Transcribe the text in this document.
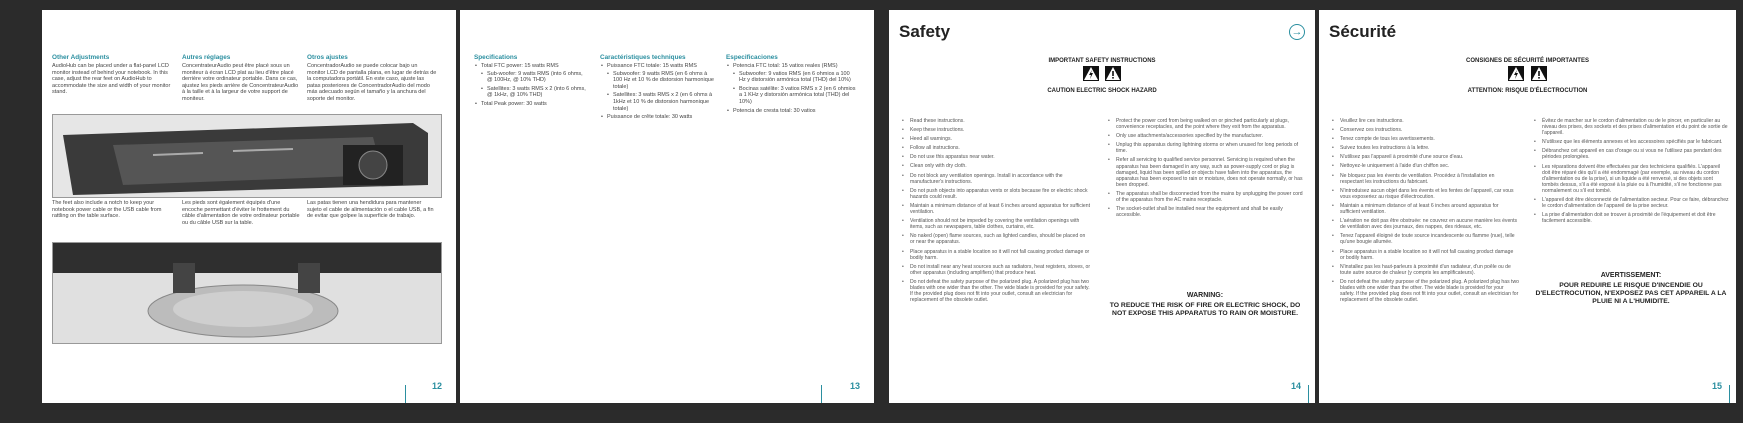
Other Adjustments

AudioHub can be placed under a flat-panel LCD monitor instead of behind your notebook. In this case, adjust the rear feet on AudioHub to accommodate the size and width of your monitor stand.

Autres réglages

ConcentrateurAudio peut être placé sous un moniteur à écran LCD plat au lieu d'être placé derrière votre ordinateur portable. Dans ce cas, ajustez les pieds arrière de ConcentrateurAudio à la taille et à la largeur de votre support de moniteur.

Otros ajustes

ConcentradorAudio se puede colocar bajo un monitor LCD de pantalla plana, en lugar de detrás de la computadora portátil. En este caso, ajuste las patas posteriores de ConcentradorAudio del modo más adecuado según el tamaño y la anchura del soporte del monitor.

The feet also include a notch to keep your notebook power cable or the USB cable from rattling on the table surface.

Les pieds sont également équipés d'une encoche permettant d'éviter le frottement du câble d'alimentation de votre ordinateur portable ou du câble USB sur la table.

Las patas tienen una hendidura para mantener sujeto el cable de alimentación o el cable USB, a fin de evitar que golpee la superficie de trabajo.

12
Specifications
• Total FTC power: 15 watts RMS
• Sub-woofer: 9 watts RMS (into 6 ohms, @ 100Hz, @ 10% THD)
• Satellites: 3 watts RMS x 2 (into 6 ohms, @ 1kHz, @ 10% THD)
• Total Peak power: 30 watts
Caractéristiques techniques
• Puissance FTC totale: 15 watts RMS
• Subwoofer: 9 watts RMS (en 6 ohms à 100 Hz et 10 % de distorsion harmonique totale)
• Satellites: 3 watts RMS x 2 (en 6 ohms à 1kHz et 10 % de distorsion harmonique totale)
• Puissance de crête totale: 30 watts
Especificaciones
• Potencia FTC total: 15 vatios reales (RMS)
• Subwoofer: 9 vatios RMS (en 6 ohmios a 100 Hz y distorsión armónica total (THD) del 10%)
• Bocinas satélite: 3 vatios RMS x 2 (en 6 ohmios a 1 KHz y distorsión armónica total (THD) del 10%)
• Potencia de cresta total: 30 vatios
13
Safety	→
IMPORTANT SAFETY INSTRUCTIONS

CAUTION ELECTRIC SHOCK HAZARD
• Read these instructions.
• Keep these instructions.
• Heed all warnings.
• Follow all instructions.
• Do not use this apparatus near water.
• Clean only with dry cloth.
• Do not block any ventilation openings. Install in accordance with the manufacturer's instructions.
• Do not push objects into apparatus vents or slots because fire or electric shock hazards could result.
• Maintain a minimum distance of at least 6 inches around apparatus for sufficient ventilation.
• Ventilation should not be impeded by covering the ventilation openings with items, such as newspapers, table clothes, curtains, etc.
• No naked (open) flame sources, such as lighted candles, should be placed on or near the apparatus.
• Place apparatus in a stable location so it will not fall causing product damage or bodily harm.
• Do not install near any heat sources such as radiators, heat registers, stoves, or other apparatus (including amplifiers) that produce heat.
• Do not defeat the safety purpose of the polarized plug. A polarized plug has two blades with one wider than the other. The wide blade is provided for your safety. If the provided plug does not fit into your outlet, consult an electrician for replacement of the obsolete outlet.
• Protect the power cord from being walked on or pinched particularly at plugs, convenience receptacles, and the point where they exit from the apparatus.
• Only use attachments/accessories specified by the manufacturer.
• Unplug this apparatus during lightning storms or when unused for long periods of time.
• Refer all servicing to qualified service personnel. Servicing is required when the apparatus has been damaged in any way, such as power-supply cord or plug is damaged, liquid has been spilled or objects have fallen into the apparatus, the apparatus has been exposed to rain or moisture, does not operate normally, or has been dropped.
• The apparatus shall be disconnected from the mains by unplugging the power cord of the apparatus from the AC mains receptacle.
• The socket-outlet shall be installed near the equipment and shall be easily accessible.
WARNING:
TO REDUCE THE RISK OF FIRE OR ELECTRIC SHOCK, DO NOT EXPOSE THIS APPARATUS TO RAIN OR MOISTURE.
14
Sécurité
CONSIGNES DE SÉCURITÉ IMPORTANTES

ATTENTION: RISQUE D'ÉLECTROCUTION
• Veuillez lire ces instructions.
• Conservez ces instructions.
• Tenez compte de tous les avertissements.
• Suivez toutes les instructions à la lettre.
• N'utilisez pas l'appareil à proximité d'une source d'eau.
• Nettoyez-le uniquement à l'aide d'un chiffon sec.
• Ne bloquez pas les évents de ventilation. Procédez à l'installation en respectant les instructions du fabricant.
• N'introduisez aucun objet dans les évents et les fentes de l'appareil, car vous vous exposeriez au risque d'électrocution.
• Maintain a minimum distance of at least 6 inches around apparatus for sufficient ventilation.
• L'aération ne doit pas être obstruée: ne couvrez en aucune manière les évents de ventilation avec des journaux, des nappes, des rideaux, etc.
• Tenez l'appareil éloigné de toute source incandescente ou flamme (nue), telle qu'une bougie allumée.
• Place apparatus in a stable location so it will not fall causing product damage or bodily harm.
• N'installez pas les haut-parleurs à proximité d'un radiateur, d'un poêle ou de toute autre source de chaleur (y compris les amplificateurs).
• Do not defeat the safety purpose of the polarized plug. A polarized plug has two blades with one wider than the other. The wide blade is provided for your safety. If the provided plug does not fit into your outlet, consult an electrician for replacement of the obsolete outlet.
• Évitez de marcher sur le cordon d'alimentation ou de le pincer, en particulier au niveau des prises, des sockets et des prises d'alimentation et du point de sortie de l'appareil.
• N'utilisez que les éléments annexes et les accessoires spécifiés par le fabricant.
• Débranchez cet appareil en cas d'orage ou si vous ne l'utilisez pas pendant des périodes prolongées.
• Les réparations doivent être effectuées par des techniciens qualifiés. L'appareil doit être réparé dès qu'il a été endommagé (par exemple, au niveau du cordon d'alimentation ou de la prise), si un liquide a été renversé, si des objets sont tombés dessus, s'il a été exposé à la pluie ou à l'humidité, s'il ne fonctionne pas normalement ou s'il est tombé.
• L'appareil doit être déconnecté de l'alimentation secteur. Pour ce faire, débranchez le cordon d'alimentation de l'appareil de la prise secteur.
• La prise d'alimentation doit se trouver à proximité de l'équipement et doit être facilement accessible.
AVERTISSEMENT:
POUR REDUIRE LE RISQUE D'INCENDIE OU D'ELECTROCUTION, N'EXPOSEZ PAS CET APPAREIL A LA PLUIE NI A L'HUMIDITE.
15
